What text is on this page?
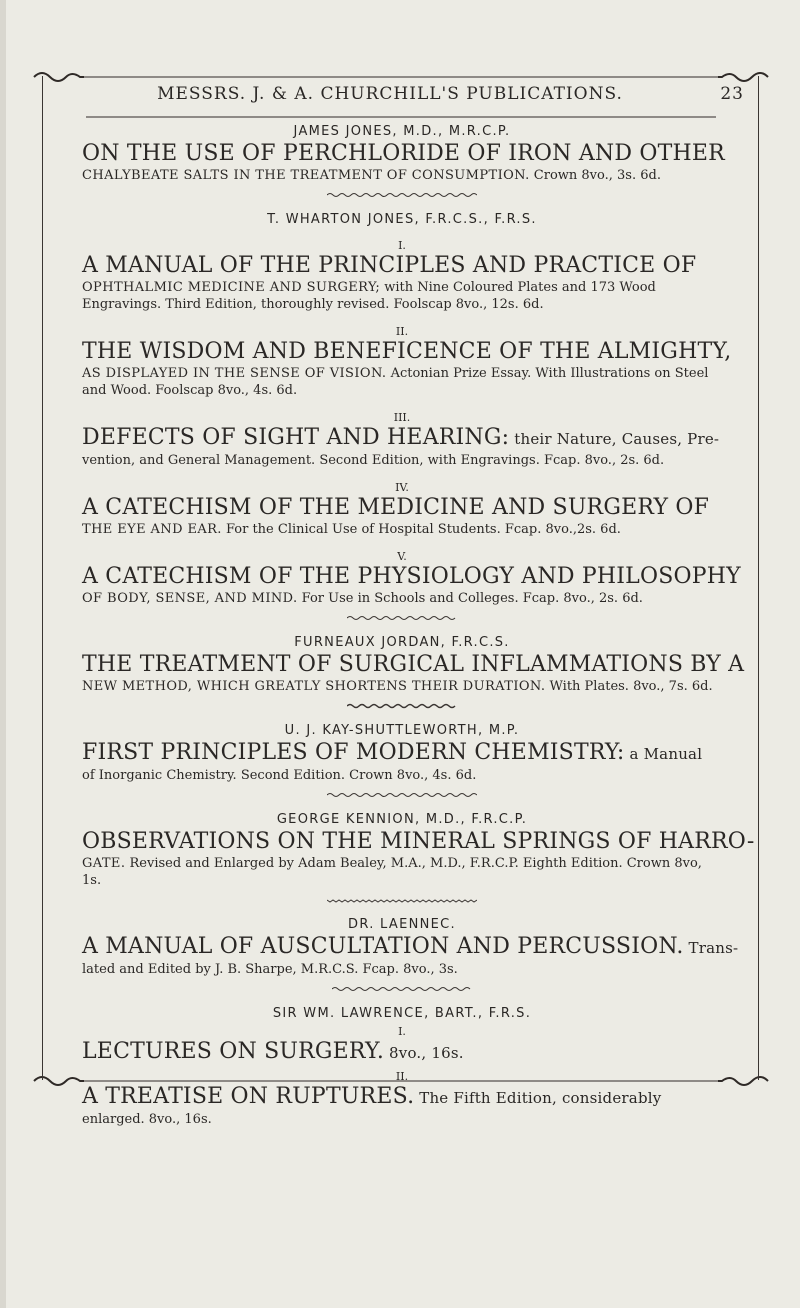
MESSRS. J. & A. CHURCHILL'S PUBLICATIONS.	23
JAMES JONES, M.D., M.R.C.P.
ON THE USE OF PERCHLORIDE OF IRON AND OTHER
CHALYBEATE SALTS IN THE TREATMENT OF CONSUMPTION. Crown 8vo., 3s. 6d.
T. WHARTON JONES, F.R.C.S., F.R.S.
I.
A MANUAL OF THE PRINCIPLES AND PRACTICE OF
OPHTHALMIC MEDICINE AND SURGERY; with Nine Coloured Plates and 173 Wood Engravings. Third Edition, thoroughly revised. Foolscap 8vo., 12s. 6d.
II.
THE WISDOM AND BENEFICENCE OF THE ALMIGHTY,
AS DISPLAYED IN THE SENSE OF VISION. Actonian Prize Essay. With Illustrations on Steel and Wood. Foolscap 8vo., 4s. 6d.
III.
DEFECTS OF SIGHT AND HEARING: their Nature, Causes, Pre-
vention, and General Management. Second Edition, with Engravings. Fcap. 8vo., 2s. 6d.
IV.
A CATECHISM OF THE MEDICINE AND SURGERY OF
THE EYE AND EAR. For the Clinical Use of Hospital Students. Fcap. 8vo.,2s. 6d.
V.
A CATECHISM OF THE PHYSIOLOGY AND PHILOSOPHY
OF BODY, SENSE, AND MIND. For Use in Schools and Colleges. Fcap. 8vo., 2s. 6d.
FURNEAUX JORDAN, F.R.C.S.
THE TREATMENT OF SURGICAL INFLAMMATIONS BY A
NEW METHOD, WHICH GREATLY SHORTENS THEIR DURATION. With Plates. 8vo., 7s. 6d.
U. J. KAY-SHUTTLEWORTH, M.P.
FIRST PRINCIPLES OF MODERN CHEMISTRY: a Manual
of Inorganic Chemistry. Second Edition. Crown 8vo., 4s. 6d.
GEORGE KENNION, M.D., F.R.C.P.
OBSERVATIONS ON THE MINERAL SPRINGS OF HARRO-
GATE. Revised and Enlarged by Adam Bealey, M.A., M.D., F.R.C.P. Eighth Edition. Crown 8vo, 1s.
DR. LAENNEC.
A MANUAL OF AUSCULTATION AND PERCUSSION. Trans-
lated and Edited by J. B. Sharpe, M.R.C.S. Fcap. 8vo., 3s.
SIR WM. LAWRENCE, BART., F.R.S.
I.
LECTURES ON SURGERY. 8vo., 16s.
II.
A TREATISE ON RUPTURES. The Fifth Edition, considerably
enlarged. 8vo., 16s.
